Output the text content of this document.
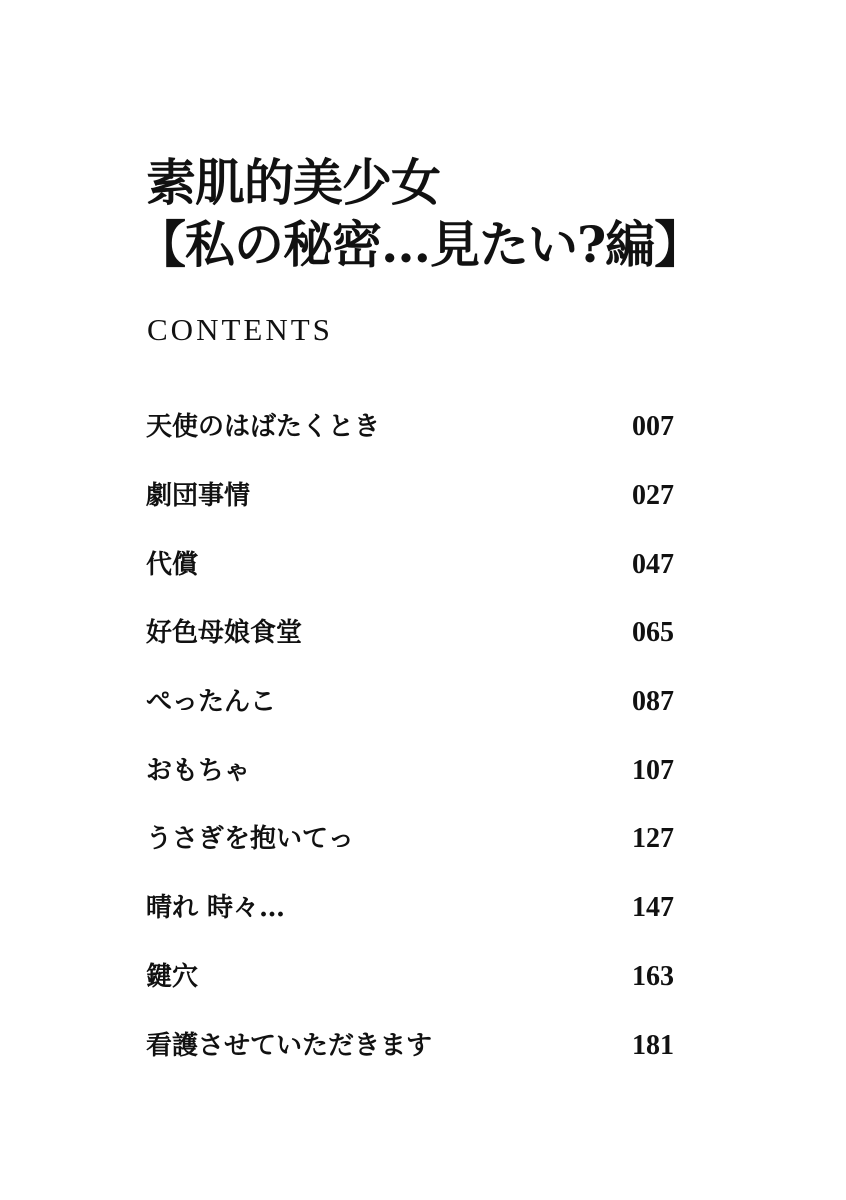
素肌的美少女
【私の秘密…見たい?編】
CONTENTS
天使のはばたくとき	007
劇団事情	027
代償	047
好色母娘食堂	065
ぺったんこ	087
おもちゃ	107
うさぎを抱いてっ	127
晴れ 時々…	147
鍵穴	163
看護させていただきます	181
